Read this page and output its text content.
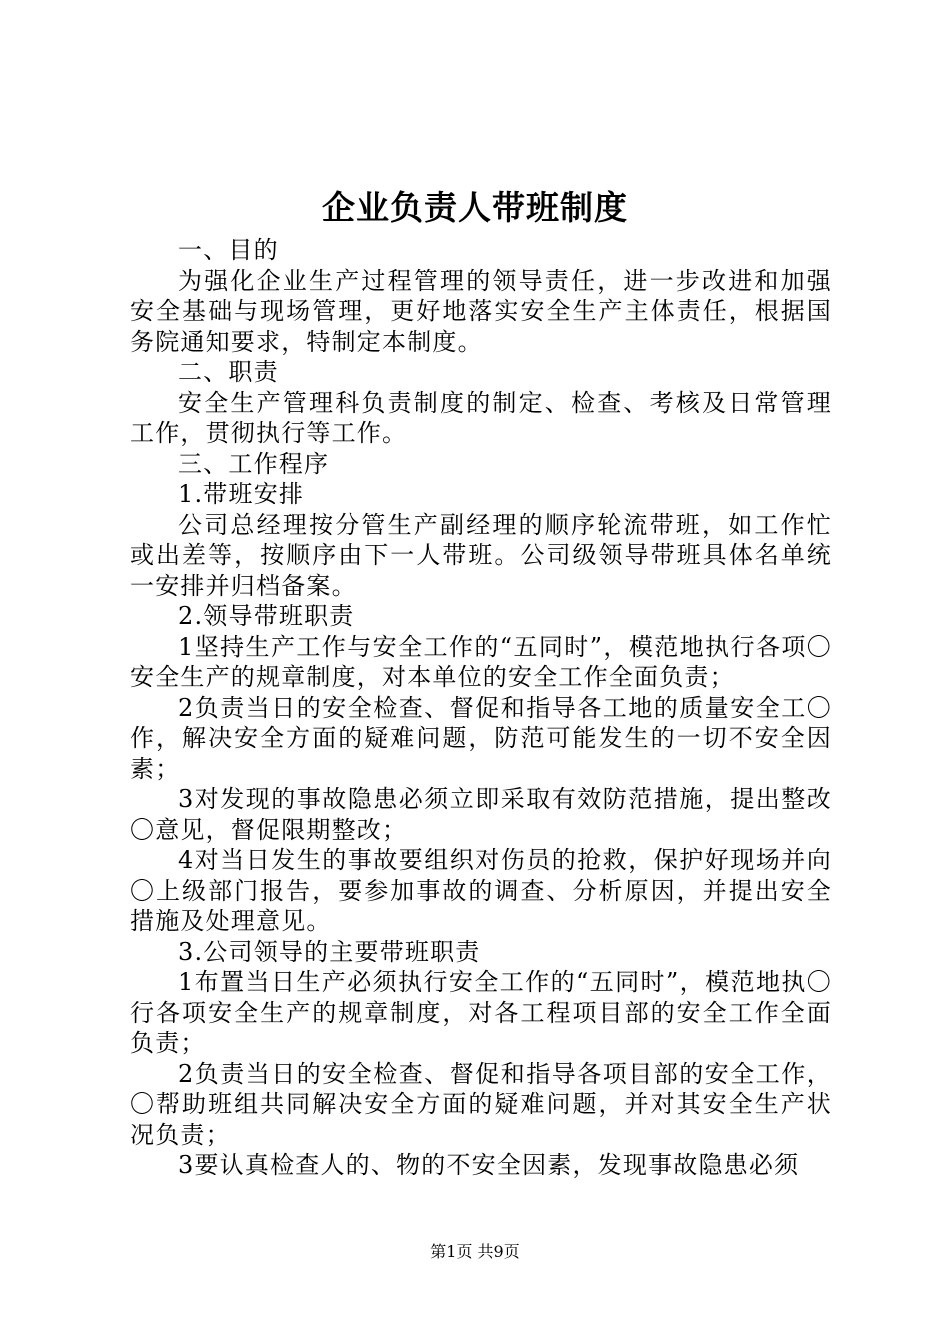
企业负责人带班制度

一、目的

为强化企业生产过程管理的领导责任，进一步改进和加强安全基础与现场管理，更好地落实安全生产主体责任，根据国务院通知要求，特制定本制度。

二、职责

安全生产管理科负责制度的制定、检查、考核及日常管理工作，贯彻执行等工作。

三、工作程序

1.带班安排

公司总经理按分管生产副经理的顺序轮流带班，如工作忙或出差等，按顺序由下一人带班。公司级领导带班具体名单统一安排并归档备案。

2.领导带班职责

1坚持生产工作与安全工作的“五同时”，模范地执行各项〇安全生产的规章制度，对本单位的安全工作全面负责；

2负责当日的安全检查、督促和指导各工地的质量安全工〇作，解决安全方面的疑难问题，防范可能发生的一切不安全因素；

3对发现的事故隐患必须立即采取有效防范措施，提出整改〇意见，督促限期整改；

4对当日发生的事故要组织对伤员的抢救，保护好现场并向〇上级部门报告，要参加事故的调查、分析原因，并提出安全措施及处理意见。

3.公司领导的主要带班职责

1布置当日生产必须执行安全工作的“五同时”，模范地执〇行各项安全生产的规章制度，对各工程项目部的安全工作全面负责；

2负责当日的安全检查、督促和指导各项目部的安全工作，〇帮助班组共同解决安全方面的疑难问题，并对其安全生产状况负责；

3要认真检查人的、物的不安全因素，发现事故隐患必须

第1页 共9页
